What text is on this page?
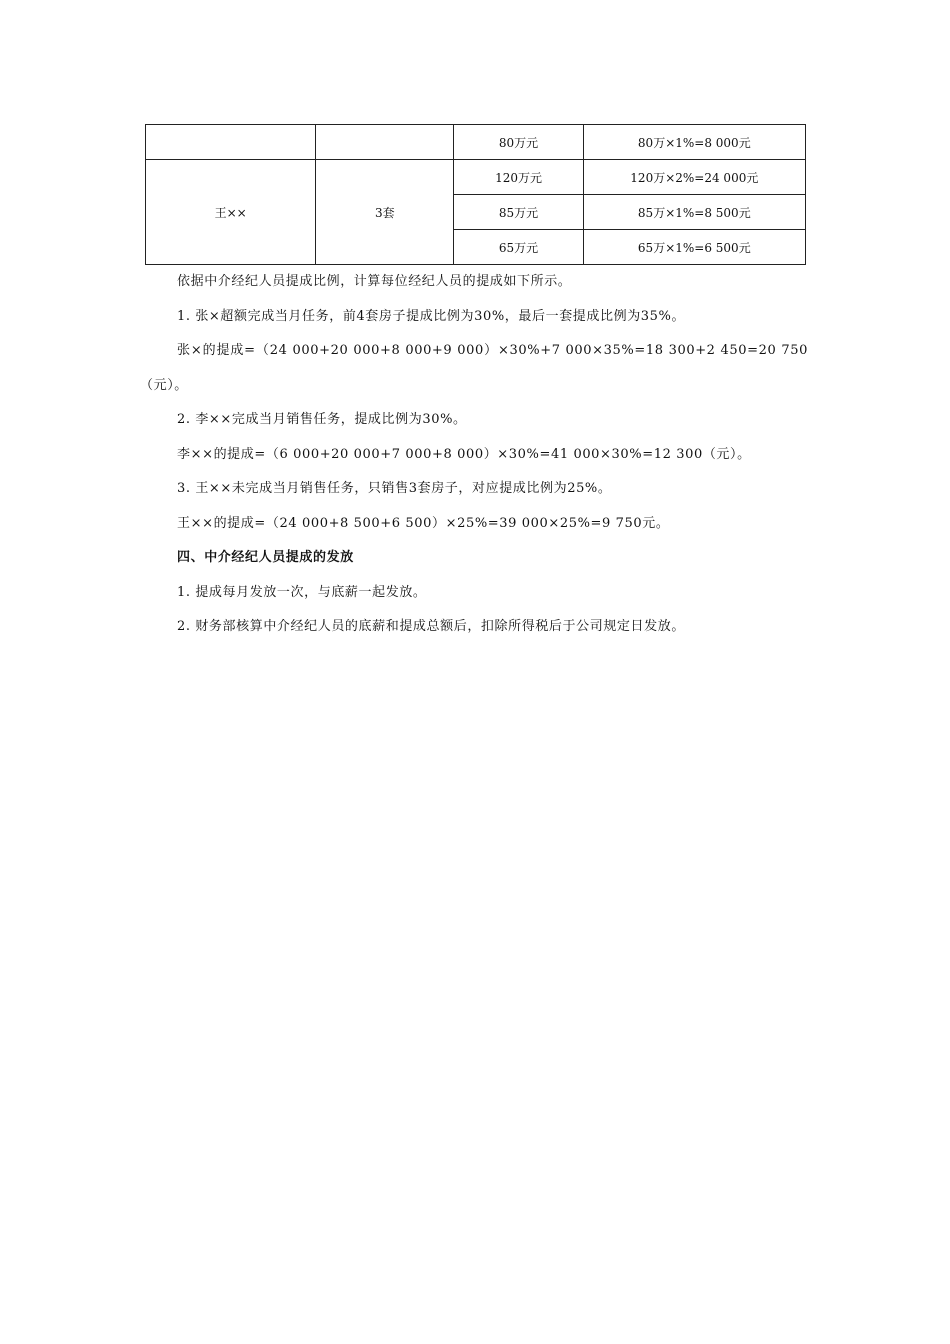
		80万元	80万×1%=8 000元
王××	3套	120万元	120万×2%=24 000元
		85万元	85万×1%=8 500元
		65万元	65万×1%=6 500元

依据中介经纪人员提成比例，计算每位经纪人员的提成如下所示。

1. 张×超额完成当月任务，前4套房子提成比例为30%，最后一套提成比例为35%。

张×的提成=（24 000+20 000+8 000+9 000）×30%+7 000×35%=18 300+2 450=20 750（元）。

2. 李××完成当月销售任务，提成比例为30%。

李××的提成=（6 000+20 000+7 000+8 000）×30%=41 000×30%=12 300（元）。

3. 王××未完成当月销售任务，只销售3套房子，对应提成比例为25%。

王××的提成=（24 000+8 500+6 500）×25%=39 000×25%=9 750元。

四、中介经纪人员提成的发放

1. 提成每月发放一次，与底薪一起发放。

2. 财务部核算中介经纪人员的底薪和提成总额后，扣除所得税后于公司规定日发放。
